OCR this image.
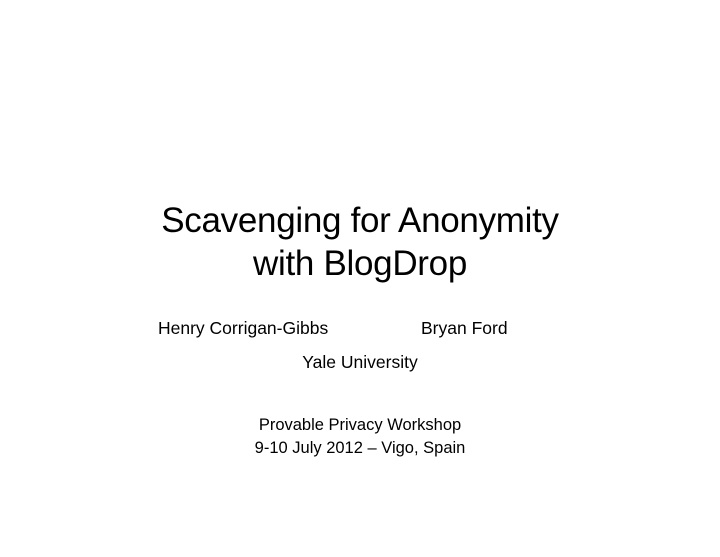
Scavenging for Anonymity
with BlogDrop
Henry Corrigan-Gibbs	Bryan Ford
Yale University
Provable Privacy Workshop
9-10 July 2012 – Vigo, Spain
